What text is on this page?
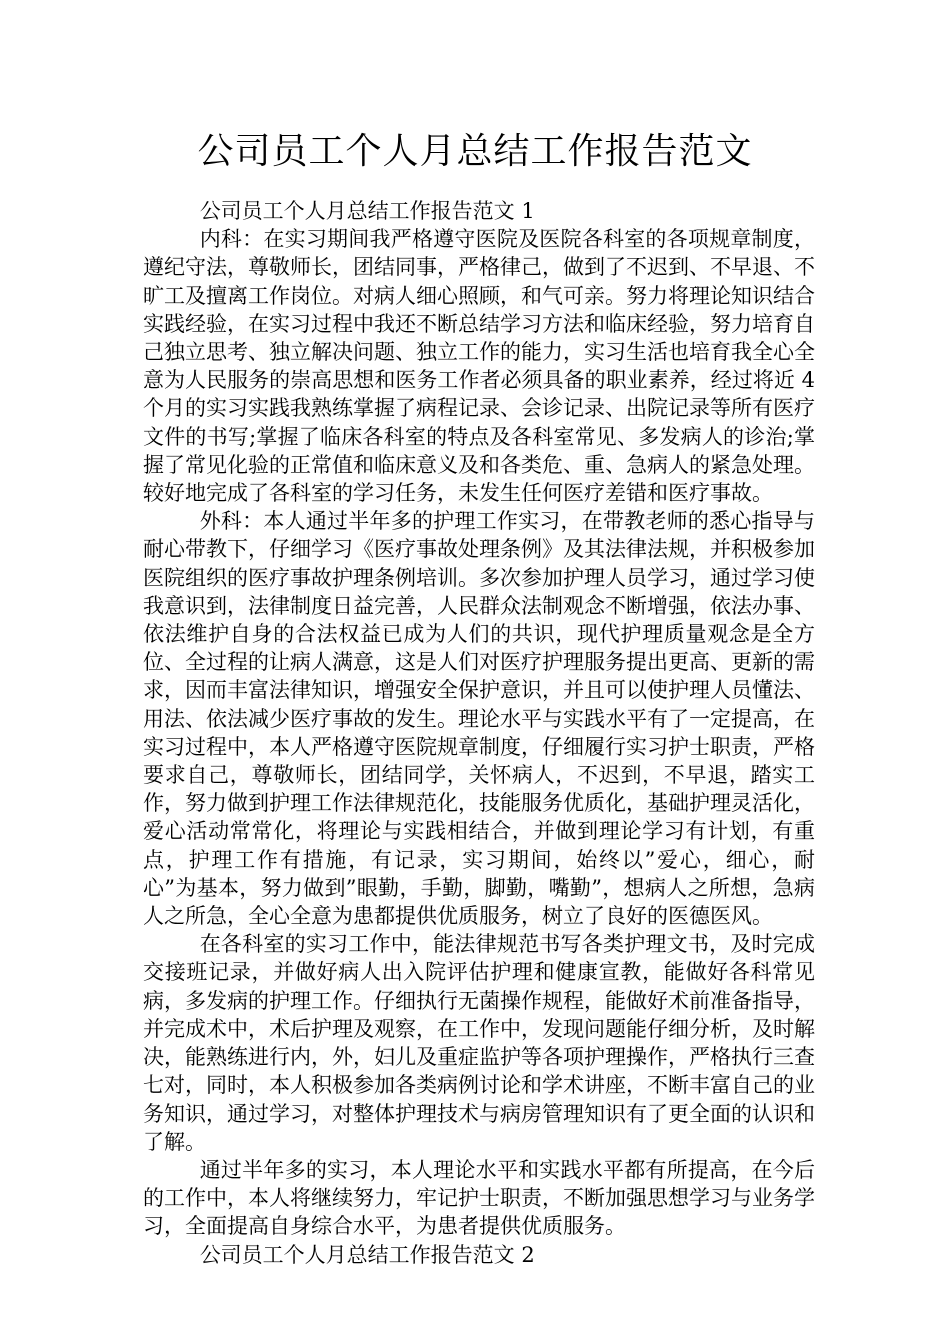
公司员工个人月总结工作报告范文

公司员工个人月总结工作报告范文 1

内科：在实习期间我严格遵守医院及医院各科室的各项规章制度，遵纪守法，尊敬师长，团结同事，严格律己，做到了不迟到、不早退、不旷工及擅离工作岗位。对病人细心照顾，和气可亲。努力将理论知识结合实践经验，在实习过程中我还不断总结学习方法和临床经验，努力培育自己独立思考、独立解决问题、独立工作的能力，实习生活也培育我全心全意为人民服务的崇高思想和医务工作者必须具备的职业素养，经过将近 4 个月的实习实践我熟练掌握了病程记录、会诊记录、出院记录等所有医疗文件的书写;掌握了临床各科室的特点及各科室常见、多发病人的诊治;掌握了常见化验的正常值和临床意义及和各类危、重、急病人的紧急处理。较好地完成了各科室的学习任务，未发生任何医疗差错和医疗事故。

外科：本人通过半年多的护理工作实习，在带教老师的悉心指导与耐心带教下，仔细学习《医疗事故处理条例》及其法律法规，并积极参加医院组织的医疗事故护理条例培训。多次参加护理人员学习，通过学习使我意识到，法律制度日益完善，人民群众法制观念不断增强，依法办事、依法维护自身的合法权益已成为人们的共识，现代护理质量观念是全方位、全过程的让病人满意，这是人们对医疗护理服务提出更高、更新的需求，因而丰富法律知识，增强安全保护意识，并且可以使护理人员懂法、用法、依法减少医疗事故的发生。理论水平与实践水平有了一定提高，在实习过程中，本人严格遵守医院规章制度，仔细履行实习护士职责，严格要求自己，尊敬师长，团结同学，关怀病人，不迟到，不早退，踏实工作，努力做到护理工作法律规范化，技能服务优质化，基础护理灵活化，爱心活动常常化，将理论与实践相结合，并做到理论学习有计划，有重点，护理工作有措施，有记录，实习期间，始终以”爱心，细心，耐心”为基本，努力做到”眼勤，手勤，脚勤，嘴勤”，想病人之所想，急病人之所急，全心全意为患都提供优质服务，树立了良好的医德医风。

在各科室的实习工作中，能法律规范书写各类护理文书，及时完成交接班记录，并做好病人出入院评估护理和健康宣教，能做好各科常见病，多发病的护理工作。仔细执行无菌操作规程，能做好术前准备指导，并完成术中，术后护理及观察，在工作中，发现问题能仔细分析，及时解决，能熟练进行内，外，妇儿及重症监护等各项护理操作，严格执行三查七对，同时，本人积极参加各类病例讨论和学术讲座，不断丰富自己的业务知识，通过学习，对整体护理技术与病房管理知识有了更全面的认识和了解。

通过半年多的实习，本人理论水平和实践水平都有所提高，在今后的工作中，本人将继续努力，牢记护士职责，不断加强思想学习与业务学习，全面提高自身综合水平，为患者提供优质服务。

公司员工个人月总结工作报告范文 2
